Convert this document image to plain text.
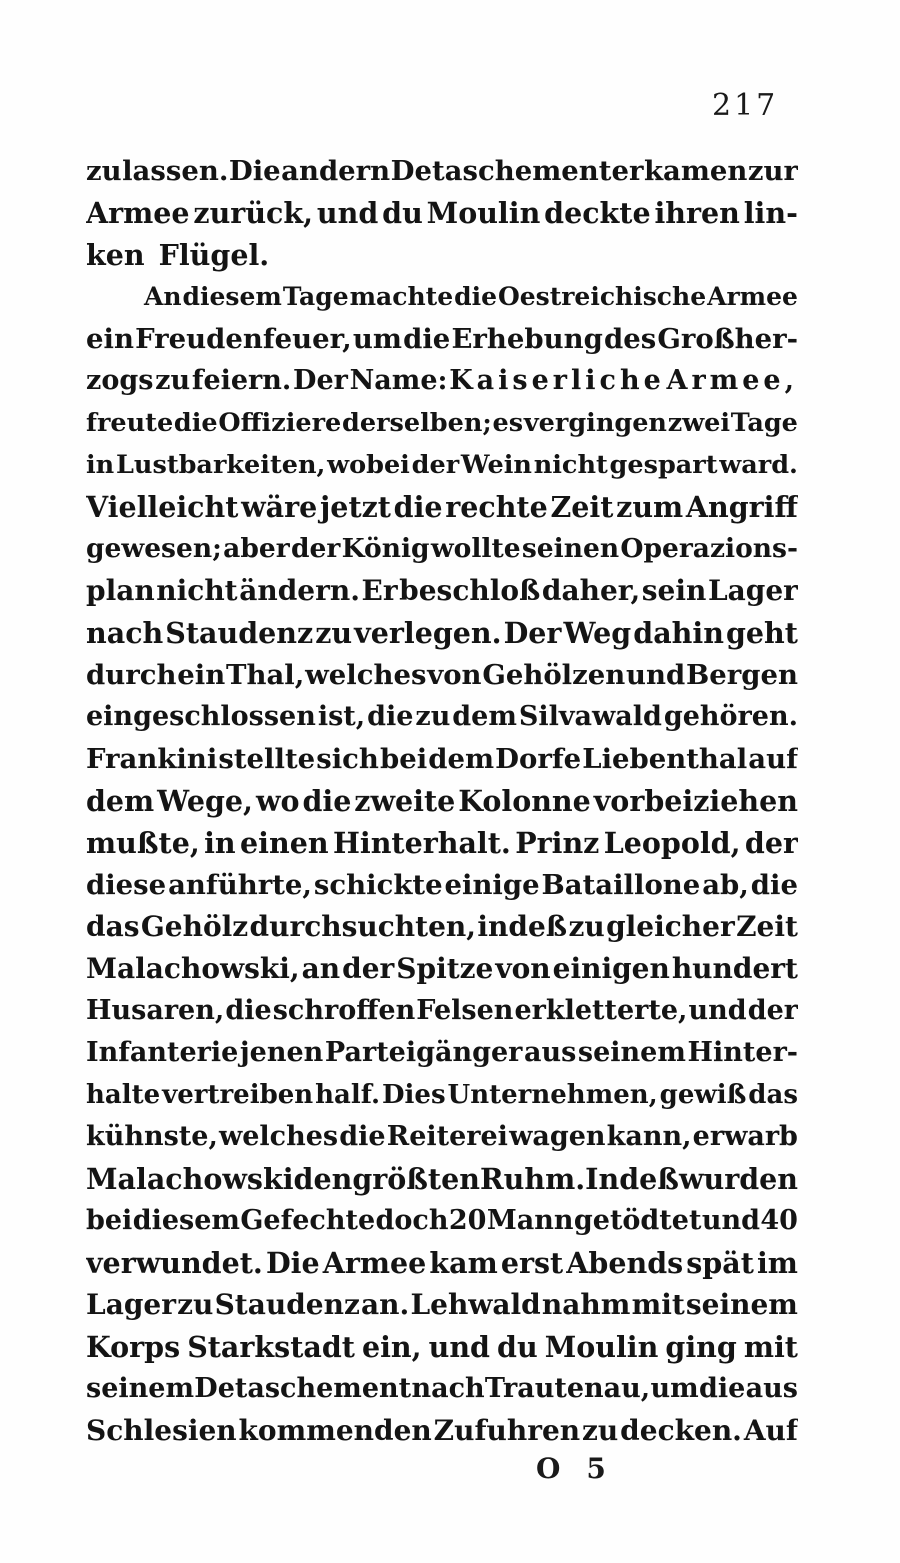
217
zu lassen. Die andern Detaschementer kamen zur
Armee zurück, und du Moulin deckte ihren lin-
ken Flügel.
An diesem Tage machte die Oestreichische Armee
ein Freudenfeuer, um die Erhebung des Großher-
zogs zu feiern. Der Name: Kaiserliche Armee,
freute die Offiziere derselben; es vergingen zwei Tage
in Lustbarkeiten, wobei der Wein nicht gespart ward.
Vielleicht wäre jetzt die rechte Zeit zum Angriff
gewesen; aber der König wollte seinen Operazions-
plan nicht ändern. Er beschloß daher, sein Lager
nach Staudenz zu verlegen. Der Weg dahin geht
durch ein Thal, welches von Gehölzen und Bergen
eingeschlossen ist, die zu dem Silvawald gehören.
Frankini stellte sich bei dem Dorfe Liebenthal auf
dem Wege, wo die zweite Kolonne vorbeiziehen
mußte, in einen Hinterhalt. Prinz Leopold, der
diese anführte, schickte einige Bataillone ab, die
das Gehölz durchsuchten, indeß zu gleicher Zeit
Malachowski, an der Spitze von einigen hundert
Husaren, die schroffen Felsen erkletterte, und der
Infanterie jenen Parteigänger aus seinem Hinter-
halte vertreiben half. Dies Unternehmen, gewiß das
kühnste, welches die Reiterei wagen kann, erwarb
Malachowski den größten Ruhm. Indeß wurden
bei diesem Gefechte doch 20 Mann getödtet und 40
verwundet. Die Armee kam erst Abends spät im
Lager zu Staudenz an. Lehwald nahm mit seinem
Korps Starkstadt ein, und du Moulin ging mit
seinem Detaschement nach Trautenau, um die aus
Schlesien kommenden Zufuhren zu decken. Auf
O 5
